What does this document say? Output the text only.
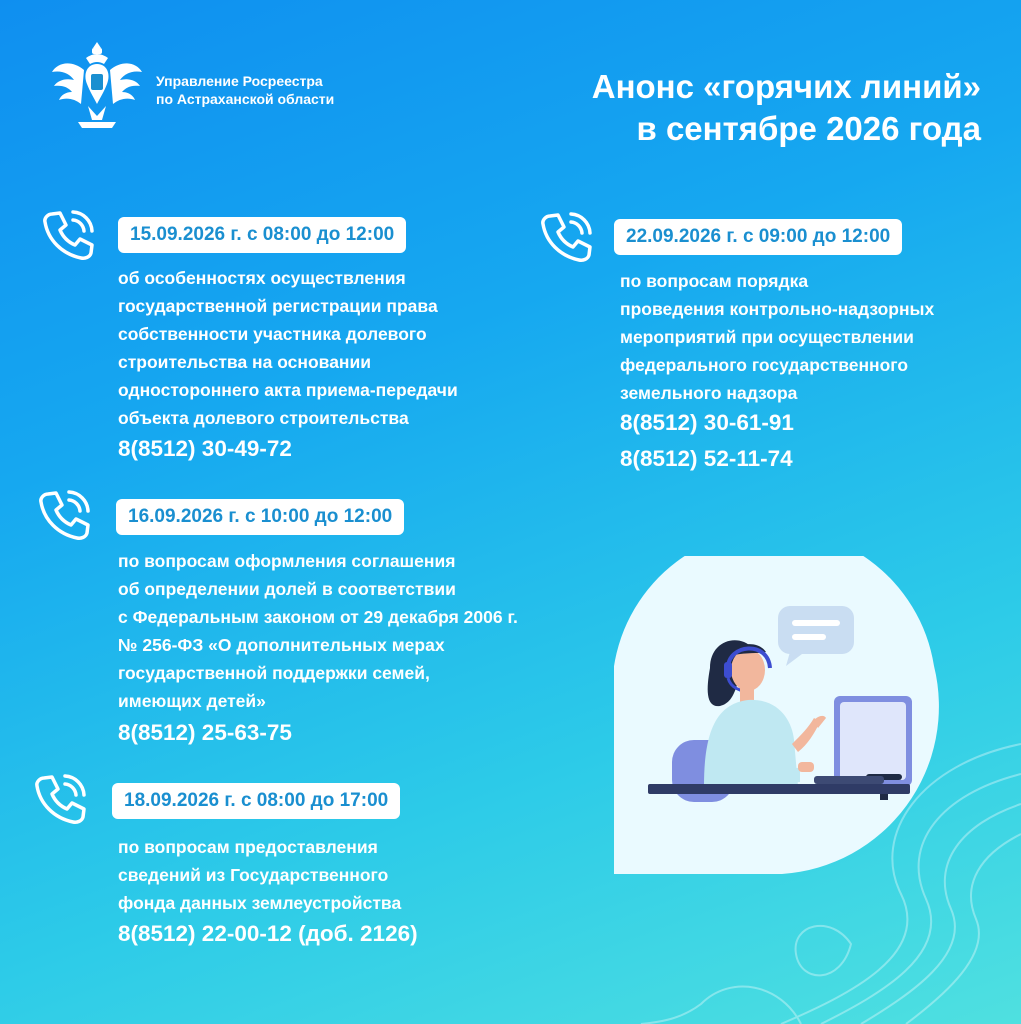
Управление Росреестра
по Астраханской области	Анонс «горячих линий»
в сентябре 2026 года
15.09.2026 г. с 08:00 до 12:00
об особенностях осуществления
государственной регистрации права
собственности участника долевого
строительства на основании
одностороннего акта приема-передачи
объекта долевого строительства
8(8512) 30-49-72
16.09.2026 г. с 10:00 до 12:00
по вопросам оформления соглашения
об определении долей в соответствии
с Федеральным законом от 29 декабря 2006 г.
№ 256-ФЗ «О дополнительных мерах
государственной поддержки семей,
имеющих детей»
8(8512) 25-63-75
18.09.2026 г. с 08:00 до 17:00
по вопросам предоставления
сведений из Государственного
фонда данных землеустройства
8(8512) 22-00-12 (доб. 2126)
22.09.2026 г. с 09:00 до 12:00
по вопросам порядка
проведения контрольно-надзорных
мероприятий при осуществлении
федерального государственного
земельного надзора
8(8512) 30-61-91
8(8512) 52-11-74
